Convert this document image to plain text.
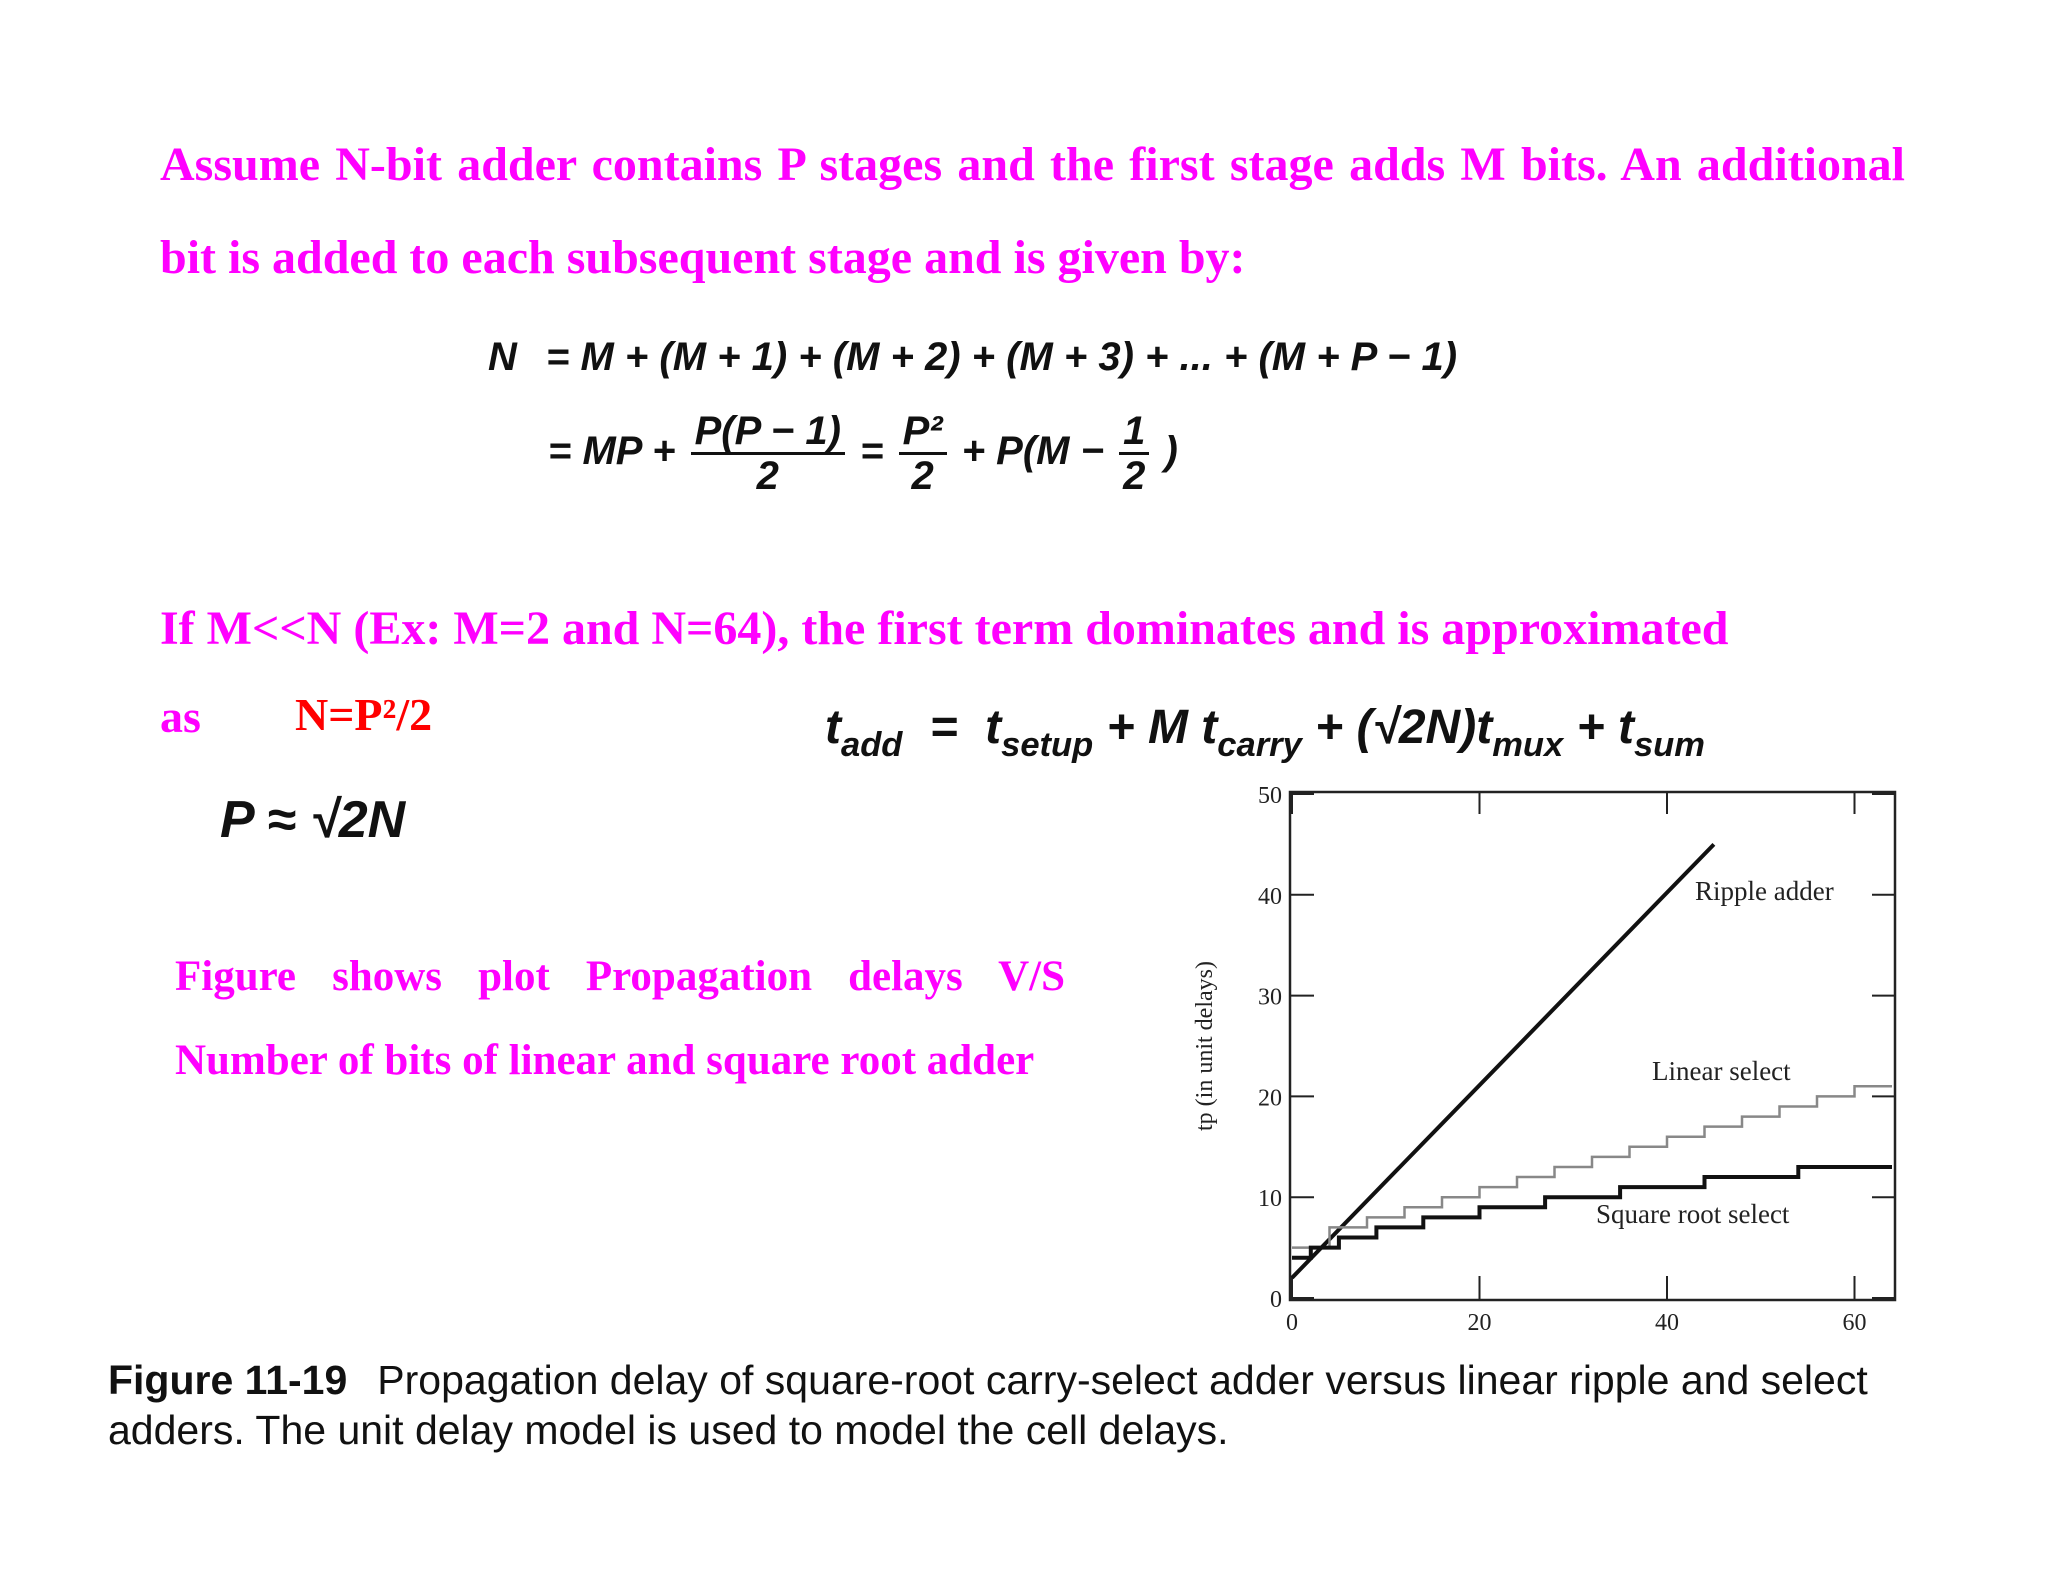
Assume N-bit adder contains P stages and the first stage adds M bits. An additional bit is added to each subsequent stage and is given by:
If M<<N (Ex: M=2 and N=64), the first term dominates and is approximated
Figure shows plot Propagation delays V/S Number of bits of linear and square root adder
N = M + (M + 1) + (M + 2) + (M + 3) + ... + (M + P − 1)
= MP + $\frac{P(P - 1)}{2} = \frac{\text{P²}}{2} + P(M - \frac{1}{2}$ )
as N=P²/2
P ≈ √2N
$t_{add} = t_{setup} + M$ $t_{carry} + (√2N)t_{mux} + t_{sum}$
0
10
20
30
40
50
0	20	40	60
tp (in unit delays)
Ripple adder
Linear select
Square root select
Figure 11-19 Propagation delay of square-root carry-select adder versus linear ripple and select adders. The unit delay model is used to model the cell delays.
